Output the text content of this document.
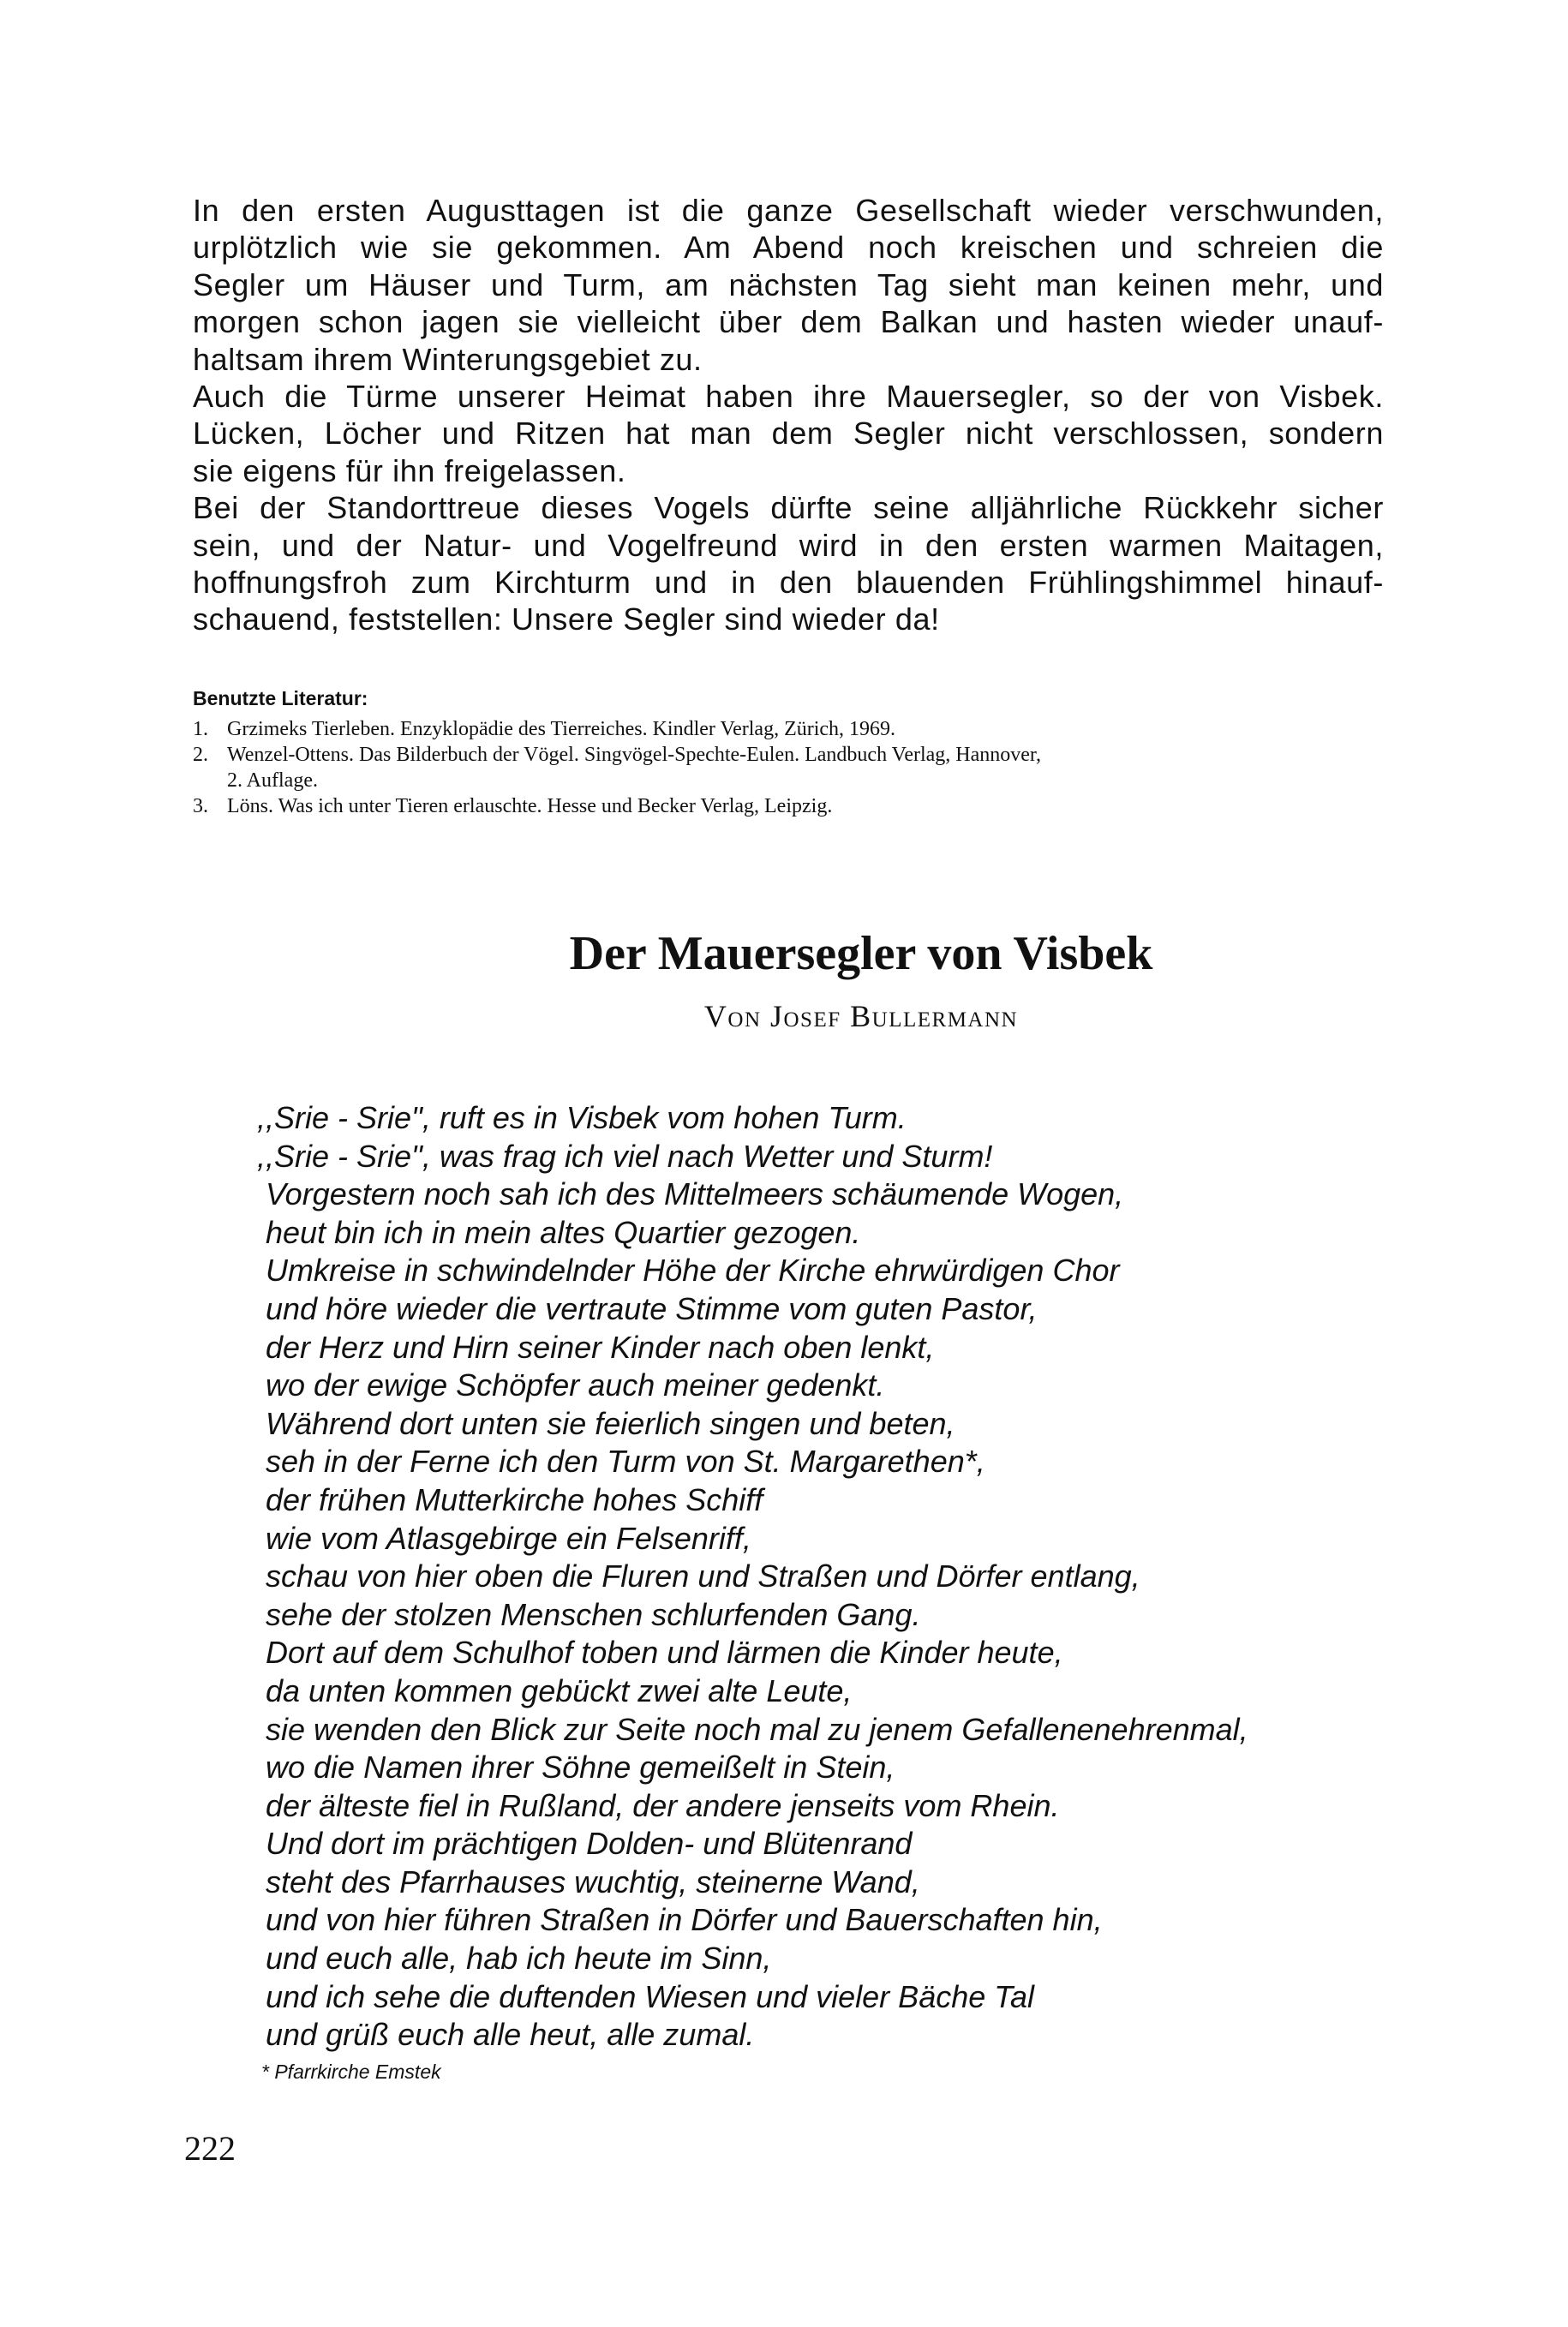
In den ersten Augusttagen ist die ganze Gesellschaft wieder verschwunden,
urplötzlich wie sie gekommen. Am Abend noch kreischen und schreien die
Segler um Häuser und Turm, am nächsten Tag sieht man keinen mehr, und
morgen schon jagen sie vielleicht über dem Balkan und hasten wieder unauf-
haltsam ihrem Winterungsgebiet zu.
Auch die Türme unserer Heimat haben ihre Mauersegler, so der von Visbek.
Lücken, Löcher und Ritzen hat man dem Segler nicht verschlossen, sondern
sie eigens für ihn freigelassen.
Bei der Standorttreue dieses Vogels dürfte seine alljährliche Rückkehr sicher
sein, und der Natur- und Vogelfreund wird in den ersten warmen Maitagen,
hoffnungsfroh zum Kirchturm und in den blauenden Frühlingshimmel hinauf-
schauend, feststellen: Unsere Segler sind wieder da!
Benutzte Literatur:
1. Grzimeks Tierleben. Enzyklopädie des Tierreiches. Kindler Verlag, Zürich, 1969.
2. Wenzel-Ottens. Das Bilderbuch der Vögel. Singvögel-Spechte-Eulen. Landbuch Verlag, Hannover,
2. Auflage.
3. Löns. Was ich unter Tieren erlauschte. Hesse und Becker Verlag, Leipzig.
Der Mauersegler von Visbek
Von Josef Bullermann
,,Srie - Srie", ruft es in Visbek vom hohen Turm.
,,Srie - Srie", was frag ich viel nach Wetter und Sturm!
Vorgestern noch sah ich des Mittelmeers schäumende Wogen,
heut bin ich in mein altes Quartier gezogen.
Umkreise in schwindelnder Höhe der Kirche ehrwürdigen Chor
und höre wieder die vertraute Stimme vom guten Pastor,
der Herz und Hirn seiner Kinder nach oben lenkt,
wo der ewige Schöpfer auch meiner gedenkt.
Während dort unten sie feierlich singen und beten,
seh in der Ferne ich den Turm von St. Margarethen*,
der frühen Mutterkirche hohes Schiff
wie vom Atlasgebirge ein Felsenriff,
schau von hier oben die Fluren und Straßen und Dörfer entlang,
sehe der stolzen Menschen schlurfenden Gang.
Dort auf dem Schulhof toben und lärmen die Kinder heute,
da unten kommen gebückt zwei alte Leute,
sie wenden den Blick zur Seite noch mal zu jenem Gefallenenehrenmal,
wo die Namen ihrer Söhne gemeißelt in Stein,
der älteste fiel in Rußland, der andere jenseits vom Rhein.
Und dort im prächtigen Dolden- und Blütenrand
steht des Pfarrhauses wuchtig, steinerne Wand,
und von hier führen Straßen in Dörfer und Bauerschaften hin,
und euch alle, hab ich heute im Sinn,
und ich sehe die duftenden Wiesen und vieler Bäche Tal
und grüß euch alle heut, alle zumal.
* Pfarrkirche Emstek
222
